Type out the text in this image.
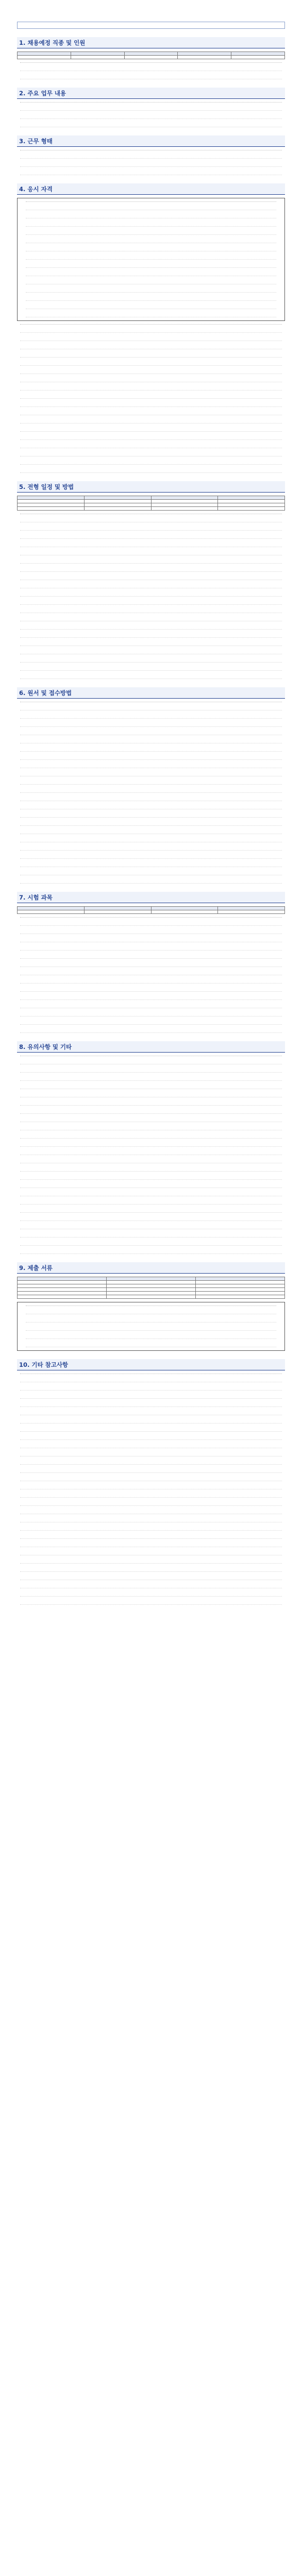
1. 채용예정 직종 및 인원

2. 주요 업무 내용
3. 근무 형태
4. 응시 자격
5. 전형 일정 및 방법

6. 원서 및 접수방법
7. 시험 과목

8. 유의사항 및 기타
9. 제출 서류

10. 기타 참고사항
